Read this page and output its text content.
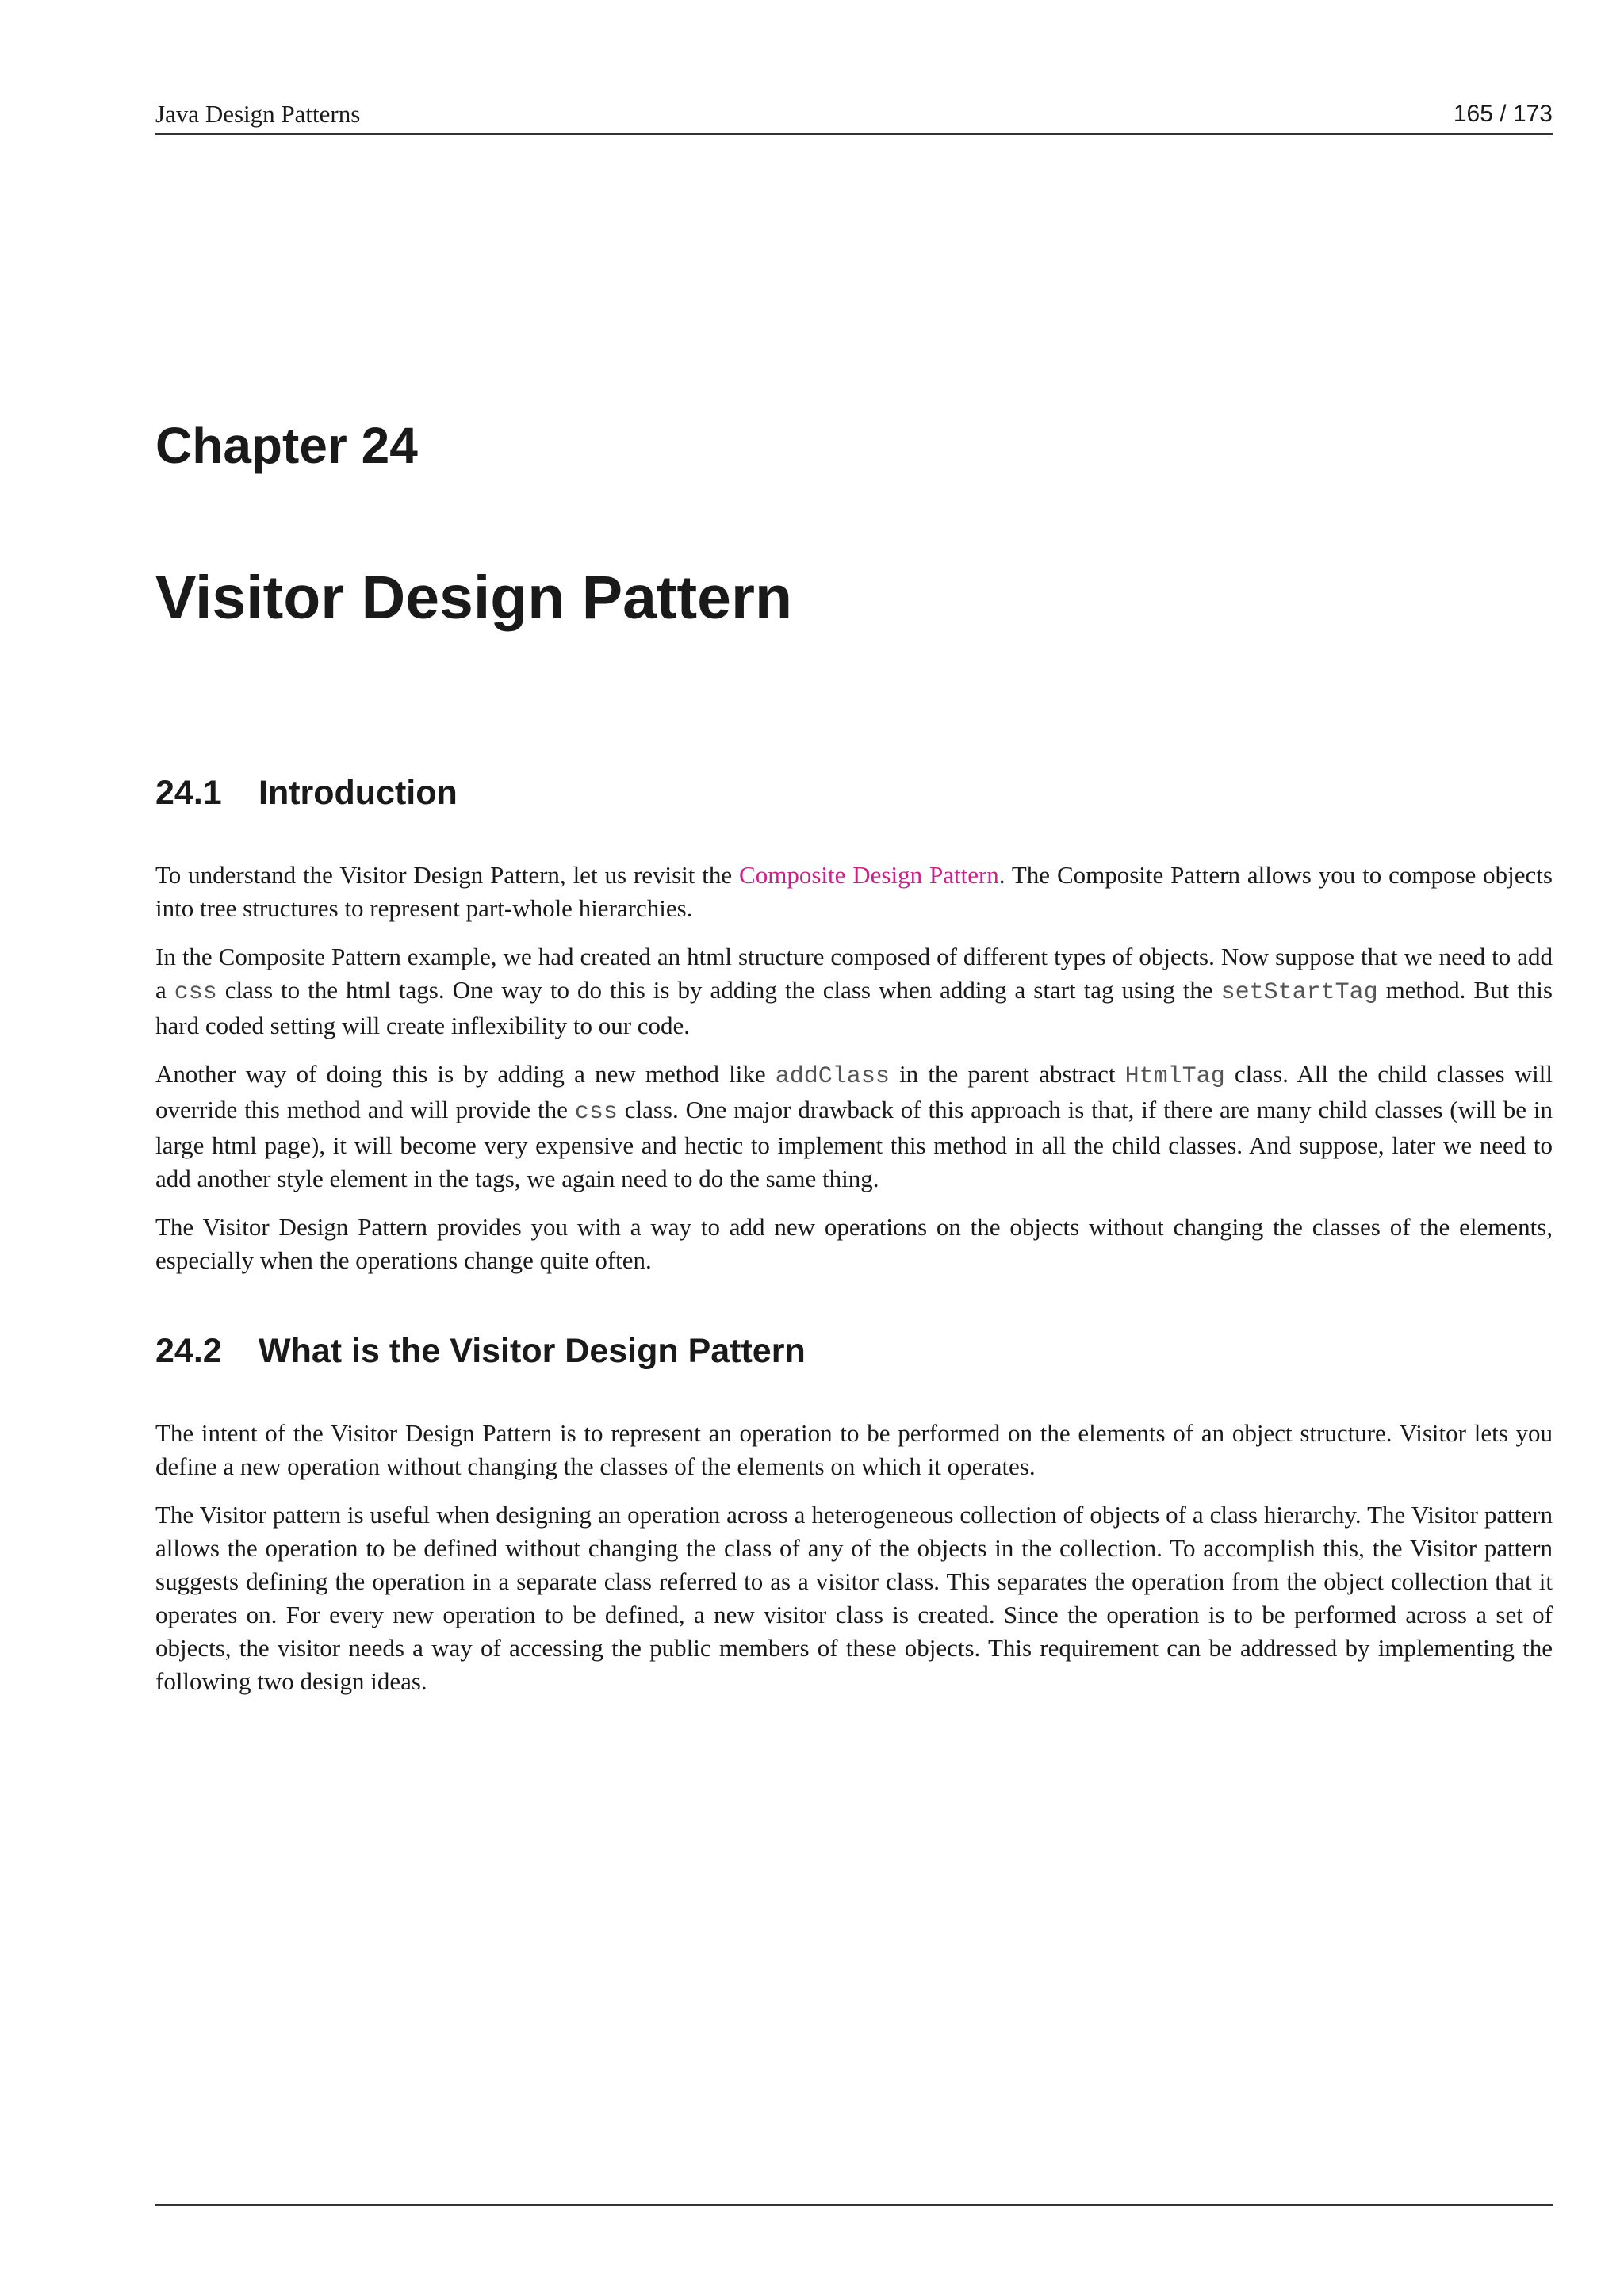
Java Design Patterns	165 / 173
Chapter 24
Visitor Design Pattern
24.1 Introduction

To understand the Visitor Design Pattern, let us revisit the Composite Design Pattern. The Composite Pattern allows you to compose objects into tree structures to represent part-whole hierarchies.

In the Composite Pattern example, we had created an html structure composed of different types of objects. Now suppose that we need to add a css class to the html tags. One way to do this is by adding the class when adding a start tag using the setStartTag method. But this hard coded setting will create inflexibility to our code.

Another way of doing this is by adding a new method like addClass in the parent abstract HtmlTag class. All the child classes will override this method and will provide the css class. One major drawback of this approach is that, if there are many child classes (will be in large html page), it will become very expensive and hectic to implement this method in all the child classes. And suppose, later we need to add another style element in the tags, we again need to do the same thing.

The Visitor Design Pattern provides you with a way to add new operations on the objects without changing the classes of the elements, especially when the operations change quite often.

24.2 What is the Visitor Design Pattern

The intent of the Visitor Design Pattern is to represent an operation to be performed on the elements of an object structure. Visitor lets you define a new operation without changing the classes of the elements on which it operates.

The Visitor pattern is useful when designing an operation across a heterogeneous collection of objects of a class hierarchy. The Visitor pattern allows the operation to be defined without changing the class of any of the objects in the collection. To accomplish this, the Visitor pattern suggests defining the operation in a separate class referred to as a visitor class. This separates the operation from the object collection that it operates on. For every new operation to be defined, a new visitor class is created. Since the operation is to be performed across a set of objects, the visitor needs a way of accessing the public members of these objects. This requirement can be addressed by implementing the following two design ideas.
